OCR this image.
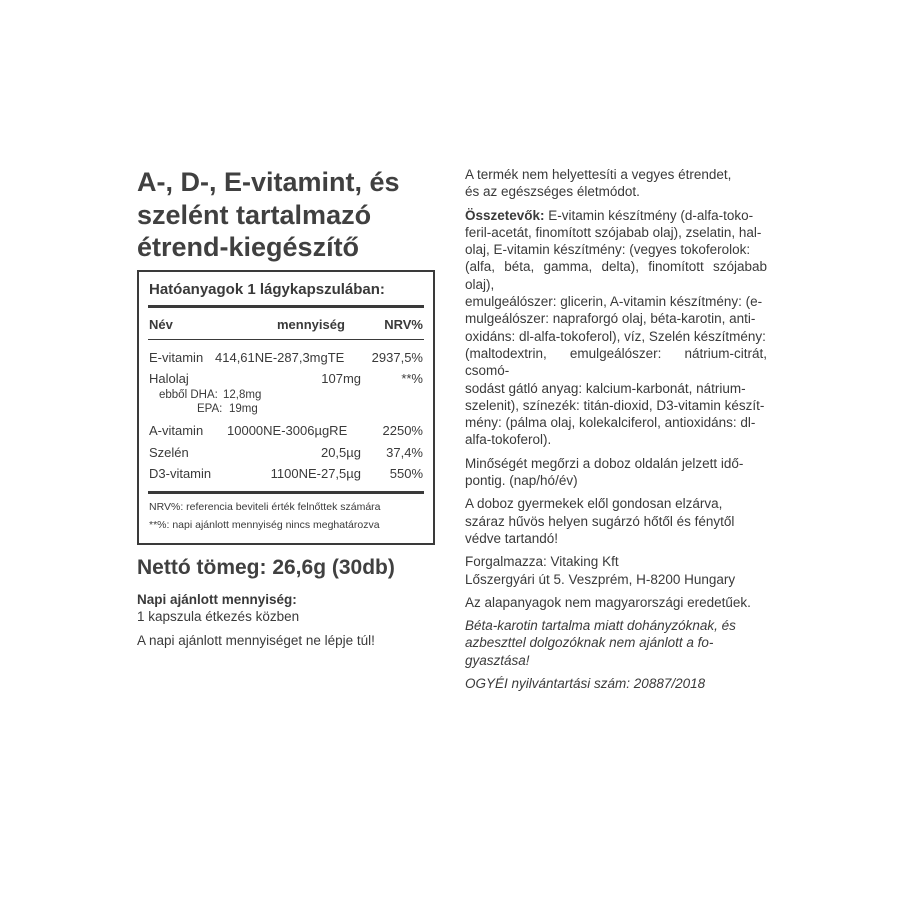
A-, D-, E-vitamint, és
szelént tartalmazó
étrend-kiegészítő
Hatóanyagok 1 lágykapszulában:
Név	mennyiség	NRV%
E-vitamin 414,61NE-287,3mgTE 2937,5%
Halolaj	107mg	**%
ebből DHA: 12,8mg
EPA: 19mg
A-vitamin 10000NE-3006µgRE	2250%
Szelén	20,5µg 37,4%
D3-vitamin	1100NE-27,5µg 550%
NRV%: referencia beviteli érték felnőttek számára
**%: napi ajánlott mennyiség nincs meghatározva
Nettó tömeg: 26,6g (30db)
Napi ajánlott mennyiség:
1 kapszula étkezés közben
A napi ajánlott mennyiséget ne lépje túl!

A termék nem helyettesíti a vegyes étrendet,
és az egészséges életmódot.

Összetevők: E-vitamin készítmény (d-alfa-toko-
feril-acetát, finomított szójabab olaj), zselatin, hal-
olaj, E-vitamin készítmény: (vegyes tokoferolok:
(alfa, béta, gamma, delta), finomított szójabab olaj),
emulgeálószer: glicerin, A-vitamin készítmény: (e-
mulgeálószer: napraforgó olaj, béta-karotin, anti-
oxidáns: dl-alfa-tokoferol), víz, Szelén készítmény:
(maltodextrin, emulgeálószer: nátrium-citrát, csomó-
sodást gátló anyag: kalcium-karbonát, nátrium-
szelenit), színezék: titán-dioxid, D3-vitamin készít-
mény: (pálma olaj, kolekalciferol, antioxidáns: dl-
alfa-tokoferol).

Minőségét megőrzi a doboz oldalán jelzett idő-
pontig. (nap/hó/év)

A doboz gyermekek elől gondosan elzárva,
száraz hűvös helyen sugárzó hőtől és fénytől
védve tartandó!

Forgalmazza: Vitaking Kft
Lőszergyári út 5. Veszprém, H-8200 Hungary

Az alapanyagok nem magyarországi eredetűek.

Béta-karotin tartalma miatt dohányzóknak, és
azbeszttel dolgozóknak nem ajánlott a fo-
gyasztása!

OGYÉI nyilvántartási szám: 20887/2018
